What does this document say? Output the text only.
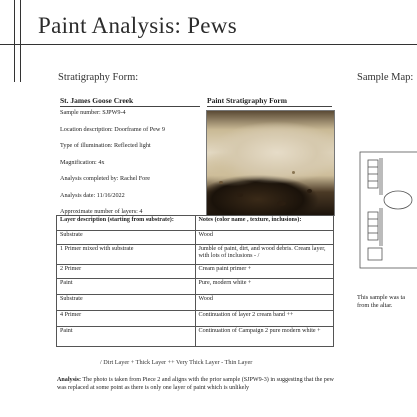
Paint Analysis: Pews
Stratigraphy Form:	Sample Map:
St. James Goose Creek
Sample number: SJPW9-4
Location description: Doorframe of Pew 9
Type of illumination: Reflected light
Magnification: 4x
Analysis completed by: Rachel Fore
Analysis date: 11/16/2022
Approximate number of layers: 4
Paint Stratigraphy Form
Layer description (starting from substrate):	Notes (color name , texture, inclusions):
Substrate	Wood
1 Primer mixed with substrate	Jumble of paint, dirt, and wood debris. Cream layer, with lots of inclusions - /
2 Primer	Cream paint primer +
Paint	Pure, modern white +
Substrate	Wood
4 Primer	Continuation of layer 2 cream band ++
Paint	Continuation of Campaign 2 pure modern white +
/ Dirt Layer + Thick Layer ++ Very Thick Layer - Thin Layer
Analysis: The photo is taken from Piece 2 and aligns with the prior sample (SJPW9-3) in suggesting that the pew was replaced at some point as there is only one layer of paint which is unlikely
This sample was ta
from the altar.
